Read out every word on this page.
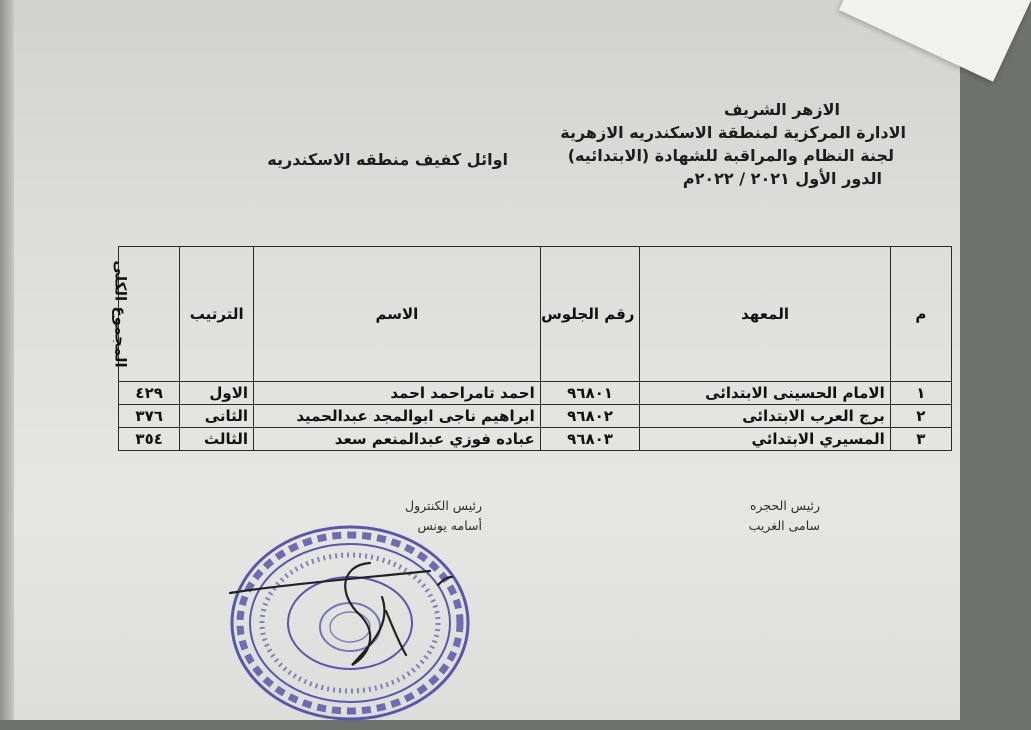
الازهر الشريف
الادارة المركزية لمنطقة الاسكندريه الازهرية
لجنة النظام والمراقبة للشهادة (الابتدائيه)
الدور الأول ٢٠٢١ / ٢٠٢٢م
اوائل كفيف منطقه الاسكندريه
م	المعهد	رقم الجلوس	الاسم	الترتيب	المجموع الكلى
١	الامام الحسينى الابتدائى	٩٦٨٠١	احمد تامراحمد احمد	الاول	٤٢٩
٢	برج العرب الابتدائى	٩٦٨٠٢	ابراهيم ناجى ابوالمجد عبدالحميد	الثانى	٣٧٦
٣	المسيري الابتدائي	٩٦٨٠٣	عباده فوزي عبدالمنعم سعد	الثالث	٣٥٤
رئيس الكنترول
أسامه يونس
رئيس الحجره
سامى الغريب
